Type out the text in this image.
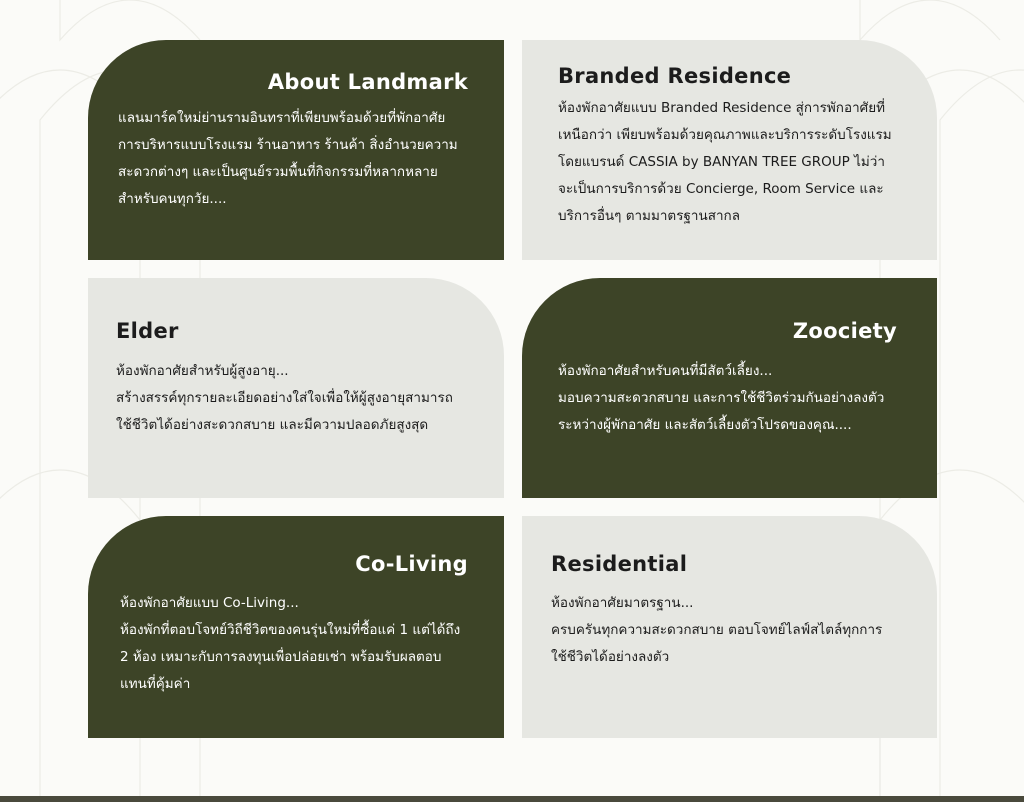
About Landmark

แลนมาร์คใหม่ย่านรามอินทราที่เพียบพร้อมด้วยที่พักอาศัย
การบริหารแบบโรงแรม ร้านอาหาร ร้านค้า สิ่งอำนวยความ
สะดวกต่างๆ และเป็นศูนย์รวมพื้นที่กิจกรรมที่หลากหลาย
สำหรับคนทุกวัย....

Branded Residence

ห้องพักอาศัยแบบ Branded Residence สู่การพักอาศัยที่
เหนือกว่า เพียบพร้อมด้วยคุณภาพและบริการระดับโรงแรม
โดยแบรนด์ CASSIA by BANYAN TREE GROUP ไม่ว่า
จะเป็นการบริการด้วย Concierge, Room Service และ
บริการอื่นๆ ตามมาตรฐานสากล

Elder

ห้องพักอาศัยสำหรับผู้สูงอายุ...
สร้างสรรค์ทุกรายละเอียดอย่างใส่ใจเพื่อให้ผู้สูงอายุสามารถ
ใช้ชีวิตได้อย่างสะดวกสบาย และมีความปลอดภัยสูงสุด

Zoociety

ห้องพักอาศัยสำหรับคนที่มีสัตว์เลี้ยง...
มอบความสะดวกสบาย และการใช้ชีวิตร่วมกันอย่างลงตัว
ระหว่างผู้พักอาศัย และสัตว์เลี้ยงตัวโปรดของคุณ....

Co-Living

ห้องพักอาศัยแบบ Co-Living...
ห้องพักที่ตอบโจทย์วิถีชีวิตของคนรุ่นใหม่ที่ซื้อแค่ 1 แต่ได้ถึง
2 ห้อง เหมาะกับการลงทุนเพื่อปล่อยเช่า พร้อมรับผลตอบ
แทนที่คุ้มค่า

Residential

ห้องพักอาศัยมาตรฐาน...
ครบครันทุกความสะดวกสบาย ตอบโจทย์ไลฟ์สไตล์ทุกการ
ใช้ชีวิตได้อย่างลงตัว
